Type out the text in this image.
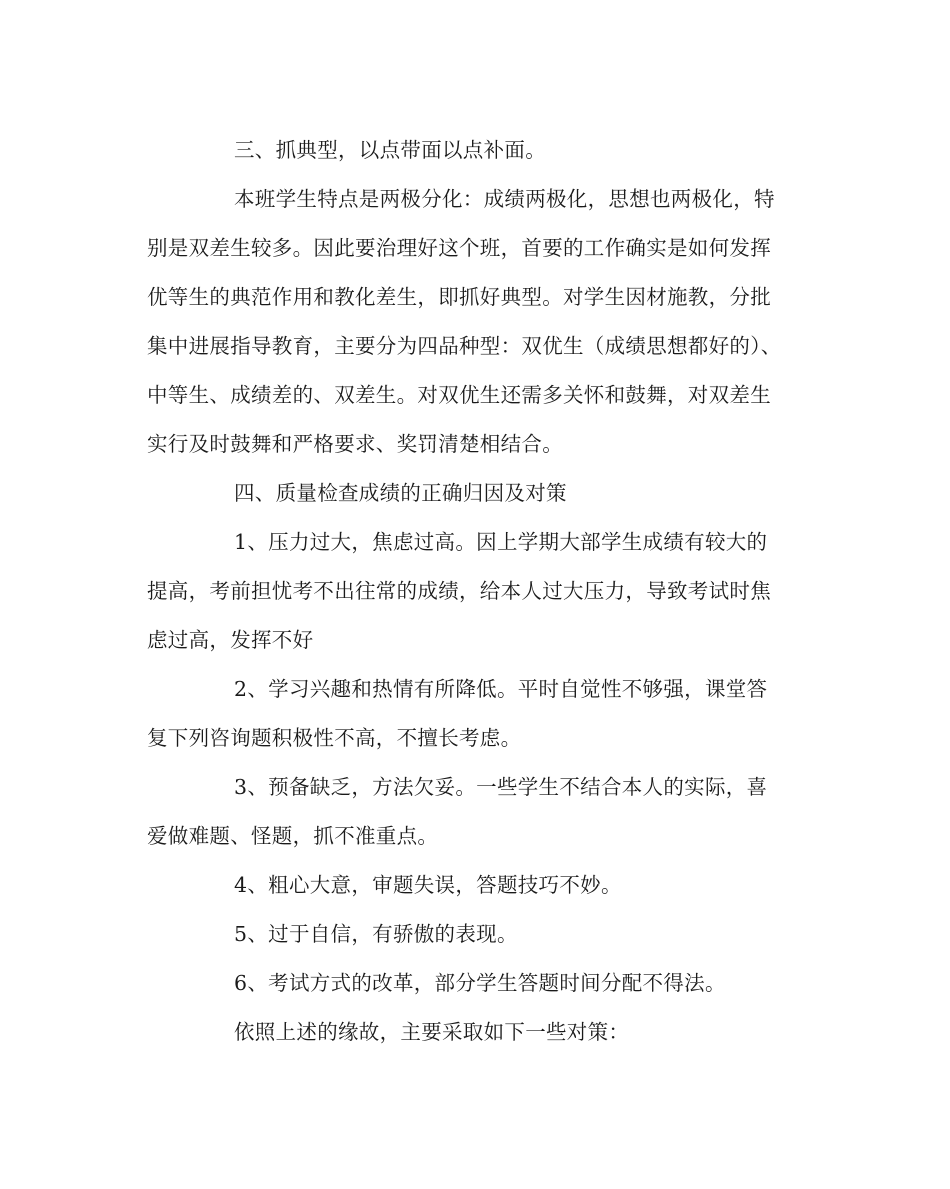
三、抓典型，以点带面以点补面。
本班学生特点是两极分化：成绩两极化，思想也两极化，特
别是双差生较多。因此要治理好这个班，首要的工作确实是如何发挥
优等生的典范作用和教化差生，即抓好典型。对学生因材施教，分批
集中进展指导教育，主要分为四品种型：双优生（成绩思想都好的）、
中等生、成绩差的、双差生。对双优生还需多关怀和鼓舞，对双差生
实行及时鼓舞和严格要求、奖罚清楚相结合。
四、质量检查成绩的正确归因及对策
1、压力过大，焦虑过高。因上学期大部学生成绩有较大的
提高，考前担忧考不出往常的成绩，给本人过大压力，导致考试时焦
虑过高，发挥不好
2、学习兴趣和热情有所降低。平时自觉性不够强，课堂答
复下列咨询题积极性不高，不擅长考虑。
3、预备缺乏，方法欠妥。一些学生不结合本人的实际，喜
爱做难题、怪题，抓不准重点。
4、粗心大意，审题失误，答题技巧不妙。
5、过于自信，有骄傲的表现。
6、考试方式的改革，部分学生答题时间分配不得法。
依照上述的缘故，主要采取如下一些对策：
